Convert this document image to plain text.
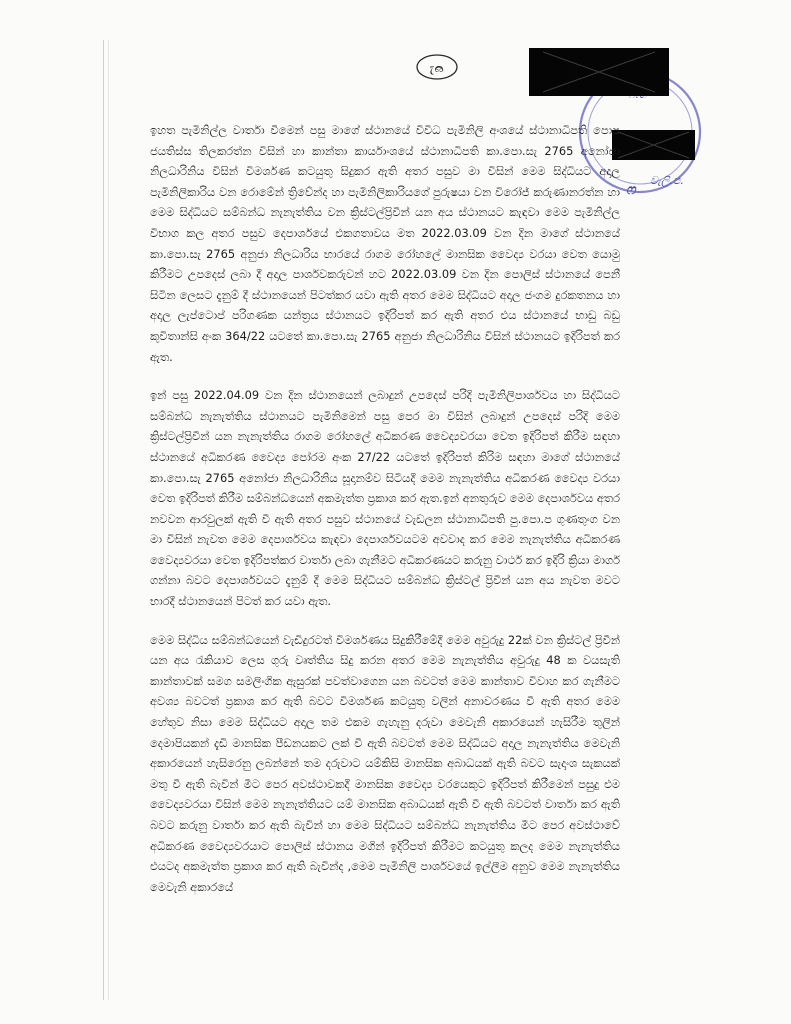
෭෬
වැලි.ප.
ෆ

ඉහත පැමිනිල්ල වාර්තා වීමෙන් පසු මාගේ ස්ථානයේ විවිධ පැමිනිලි අංශයේ ස්ථානාධිපති පොප ජයතිස්ස තිලකරත්න විසින් හා කාන්තා කාර්යාංශයේ ස්ථානාධිපති කා.පො.සැ 2765 අනෝජා නිලධාරිනිය විසින් විමර්ශණ කටයුතු සිදුකර ඇති අතර පසුව මා විසින් මෙම සිද්ධියට අදාල පැමිනිලිකාරිය වන රොමේන් ත්‍රිවේන්ද හා පැමිනිලිකාරියගේ පුරුෂයා වන විරෝජ් කරුණානරත්න හා මෙම සිද්ධියට සම්බන්ධ නැනැත්තිය වන ක්‍රිස්ටල්ප්‍රිවීන් යන අය ස්ථානයට කැඳවා මෙම පැමිනිල්ල විභාග කල අතර පසුව දෙපාර්ශයේ එකගතාවය මත 2022.03.09 වන දින මාගේ ස්ථානයේ කා.පො.සැ 2765 අනුජා නිලධාරිය භාරයේ රාගම රෝහලේ මානසික වෛද්‍ය වරයා වෙත යොමු කිරීමට උපදෙස් ලබා දී අදාල පාර්ශවකරුවන් හට 2022.03.09 වන දින පොලිස් ස්ථානයේ පෙනී සිටින ලෙසට දැනුම් දී ස්ථානයෙන් පිටත්කර යවා ඇති අතර මෙම සිද්ධියට අදාල ජංගම දුරකතනය හා අදාල ලැප්ටොප් පරිගණක යන්ත්‍රය ස්ථානයට ඉදිරිපත් කර ඇති අතර එය ස්ථානයේ භාඩු බඩු කුවිතාන්සි අංක 364/22 යටතේ කා.පො.සැ 2765 අනුජා නිලධාරිනිය විසින් ස්ථානයට ඉදිරිපත් කර ඇත.

ඉන් පසු 2022.04.09 වන දින ස්ථානයෙන් ලබාදුන් උපදෙස් පරිදි පැමිනිලිපාර්ශවය හා සිද්ධියට සම්බන්ධ නැනැත්තිය ස්ථානයට පැමිනිමෙන් පසු පෙර මා විසින් ලබාදුන් උපදෙස් පරිදි මෙම ක්‍රිස්ටල්ප්‍රිවීන් යන නැනැත්තිය රාගම රෝහලේ අධිකරණ වෛද්‍යවරයා වෙත ඉදිරිපත් කිරීම සඳහා ස්ථානයේ අධිකරණ වෛද්‍ය පෝරම අංක 27/22 යටතේ ඉදිරිපත් කිරිම සඳහා මාගේ ස්ථානයේ කා.පො.සැ 2765 අනෝජා නිලධාරිනිය සූදානම්ව සිටියදී මෙම නැනැත්තිය අධිකරණ වෛද්‍ය වරයා වෙත ඉදිරිපත් කිරීම සම්බන්ධයෙන් අකමැත්ත ප්‍රකාශ කර ඇත.ඉන් අනතුරුව මෙම දෙපාර්ශවය අතර නවවන ආරවුලක් ඇති වී ඇති අතර පසුව ස්ථානයේ වැඩලන ස්ථානාධිපති පු.පො.ප ගුණතුංග වන මා විසින් නැවත මෙම දෙපාර්ශවය කැඳවා දෙපාර්ශවයටම අවවාද කර මෙම නැනැත්තිය අධිකරණ වෛද්‍යවරයා වෙත ඉදිරිපත්කර වාර්තා ලබා ගැනීමට අධිකරණයට කරුනු වාර්ථ කර ඉදිරි ක්‍රියා මාර්ග ගන්නා බවට දෙපාර්ශවයට දැනුම් දී මෙම සිද්ධියට සම්බන්ධ ක්‍රිස්ටල් ප්‍රිවීන් යන අය නැවත මවට භාරදී ස්ථානයෙන් පිටත් කර යවා ඇත.

මෙම සිද්ධිය සම්බන්ධයෙන් වැඩිදුරටත් විමර්ශණය සිදුකිරීමේදී මෙම අවුරුදු 22ක් වන ක්‍රිස්ටල් ප්‍රිවීන් යන අය රැකියාව ලෙස ගුරු වෘත්තිය සිදු කරන අතර මෙම නැනැත්තිය අවුරුදු 48 ක වයසැති කාන්තාවක් සමග සමලිංගික ඇසුරක් පවත්වාගෙන යන බවටත් මෙම කාන්තාව විවාහ කර ගැනීමට අවශ්‍ය බවටත් ප්‍රකාශ කර ඇති බවට විමර්ශණ කටයුතු වලින් අනාවරණය වී ඇති අතර මෙම හේතුව නිසා මෙම සිද්ධියට අදාල තම එකම ගැහැනු දරුවා මෙවැනි අකාරයෙන් හැසිරීම තුලින් දෙමාපියකන් දැඩි මානසික පීඩනයකට ලක් වී ඇති බවටත් මෙම සිද්ධියට අදාල නැනැත්තිය මෙවැනි අකාරයෙන් හැසිරෙනු ලබන්නේ තම දරුවාට යම්කිසි මානසික අබාධයක් ඇති බවට සැදාංශ සැකයක් මතු වී ඇති බැවින් මීට පෙර අවස්ථාවකදී මානසික වෛද්‍ය වරයෙකුට ඉදිරිපත් කිරීමෙන් පසුදු එම වෛද්‍යවරයා විසින් මෙම නැනැත්තියට යම් මානසික අබාධයක් ඇති වී ඇති බවටත් වාර්තා කර ඇති බවට කරුනු වාර්තා කර ඇති බැවින් හා මෙම සිද්ධියට සම්බන්ධ නැනැත්තිය මීට පෙර අවස්ථාවේ අධිකරණ වෛද්‍යවරයාට පොලිස් ස්ථානය මගින් ඉදිරිපත් කිරීමට කටයුතු කලද මෙම නැනැත්තිය එයටද අකමැත්ත ප්‍රකාශ කර ඇති බැවින්ද ,මෙම පැමිනිලි පාර්ශවයේ ඉල්ලීම අනුව මෙම නැනැත්තිය මෙවැනි අකාරයේ
